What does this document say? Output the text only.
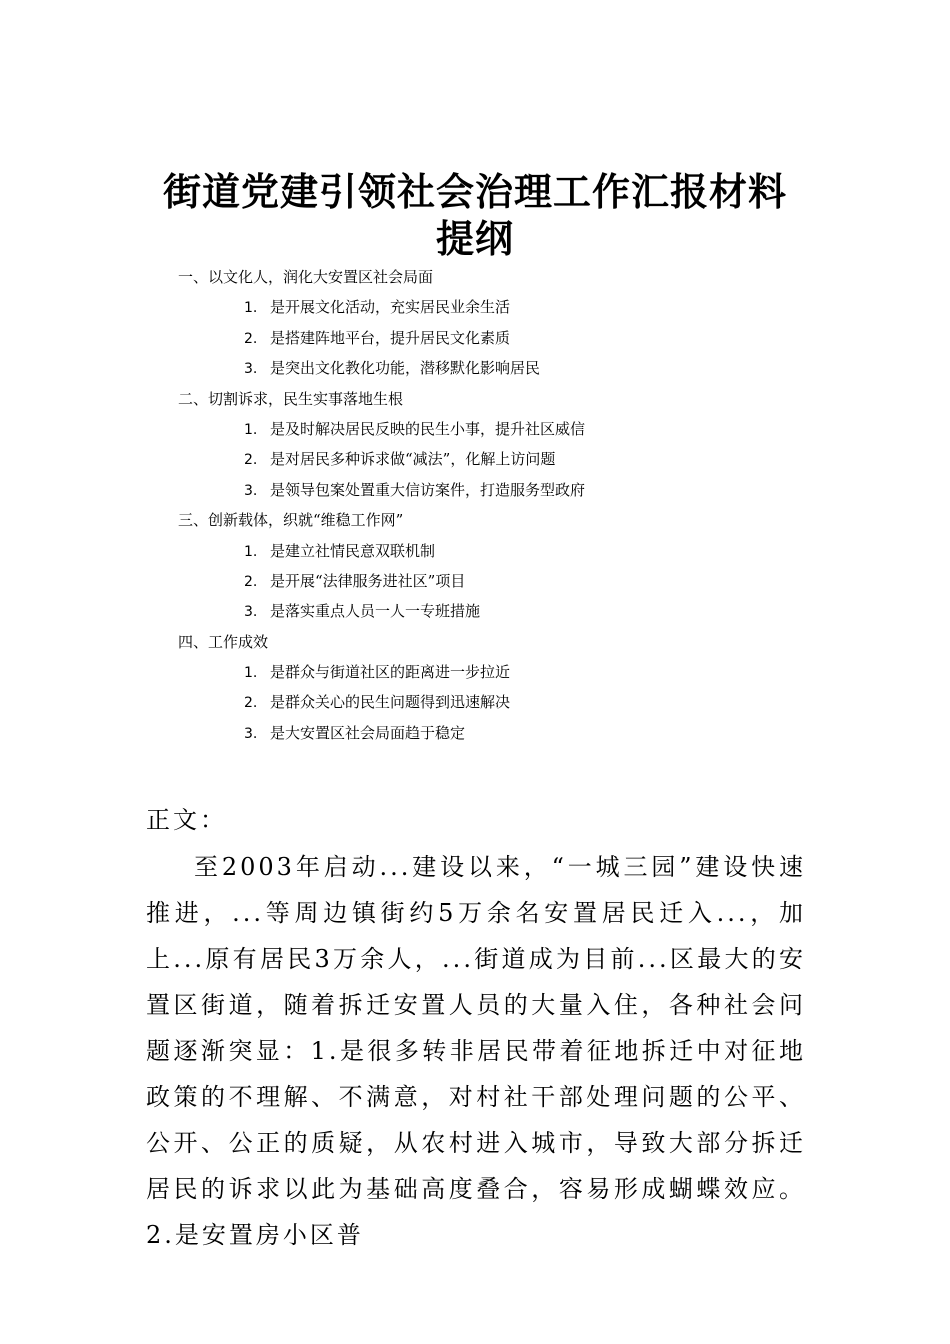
街道党建引领社会治理工作汇报材料
提纲
一、以文化人，润化大安置区社会局面
1. 是开展文化活动，充实居民业余生活
2. 是搭建阵地平台，提升居民文化素质
3. 是突出文化教化功能，潜移默化影响居民
二、切割诉求，民生实事落地生根
1. 是及时解决居民反映的民生小事，提升社区威信
2. 是对居民多种诉求做“减法”，化解上访问题
3. 是领导包案处置重大信访案件，打造服务型政府
三、创新载体，织就“维稳工作网”
1. 是建立社情民意双联机制
2. 是开展“法律服务进社区”项目
3. 是落实重点人员一人一专班措施
四、工作成效
1. 是群众与街道社区的距离进一步拉近
2. 是群众关心的民生问题得到迅速解决
3. 是大安置区社会局面趋于稳定
正文：
至2003年启动...建设以来，“一城三园”建设快速推进，...等周边镇街约5万余名安置居民迁入...，加上...原有居民3万余人，...街道成为目前...区最大的安置区街道，随着拆迁安置人员的大量入住，各种社会问题逐渐突显：1.是很多转非居民带着征地拆迁中对征地政策的不理解、不满意，对村社干部处理问题的公平、公开、公正的质疑，从农村进入城市，导致大部分拆迁居民的诉求以此为基础高度叠合，容易形成蝴蝶效应。2.是安置房小区普
